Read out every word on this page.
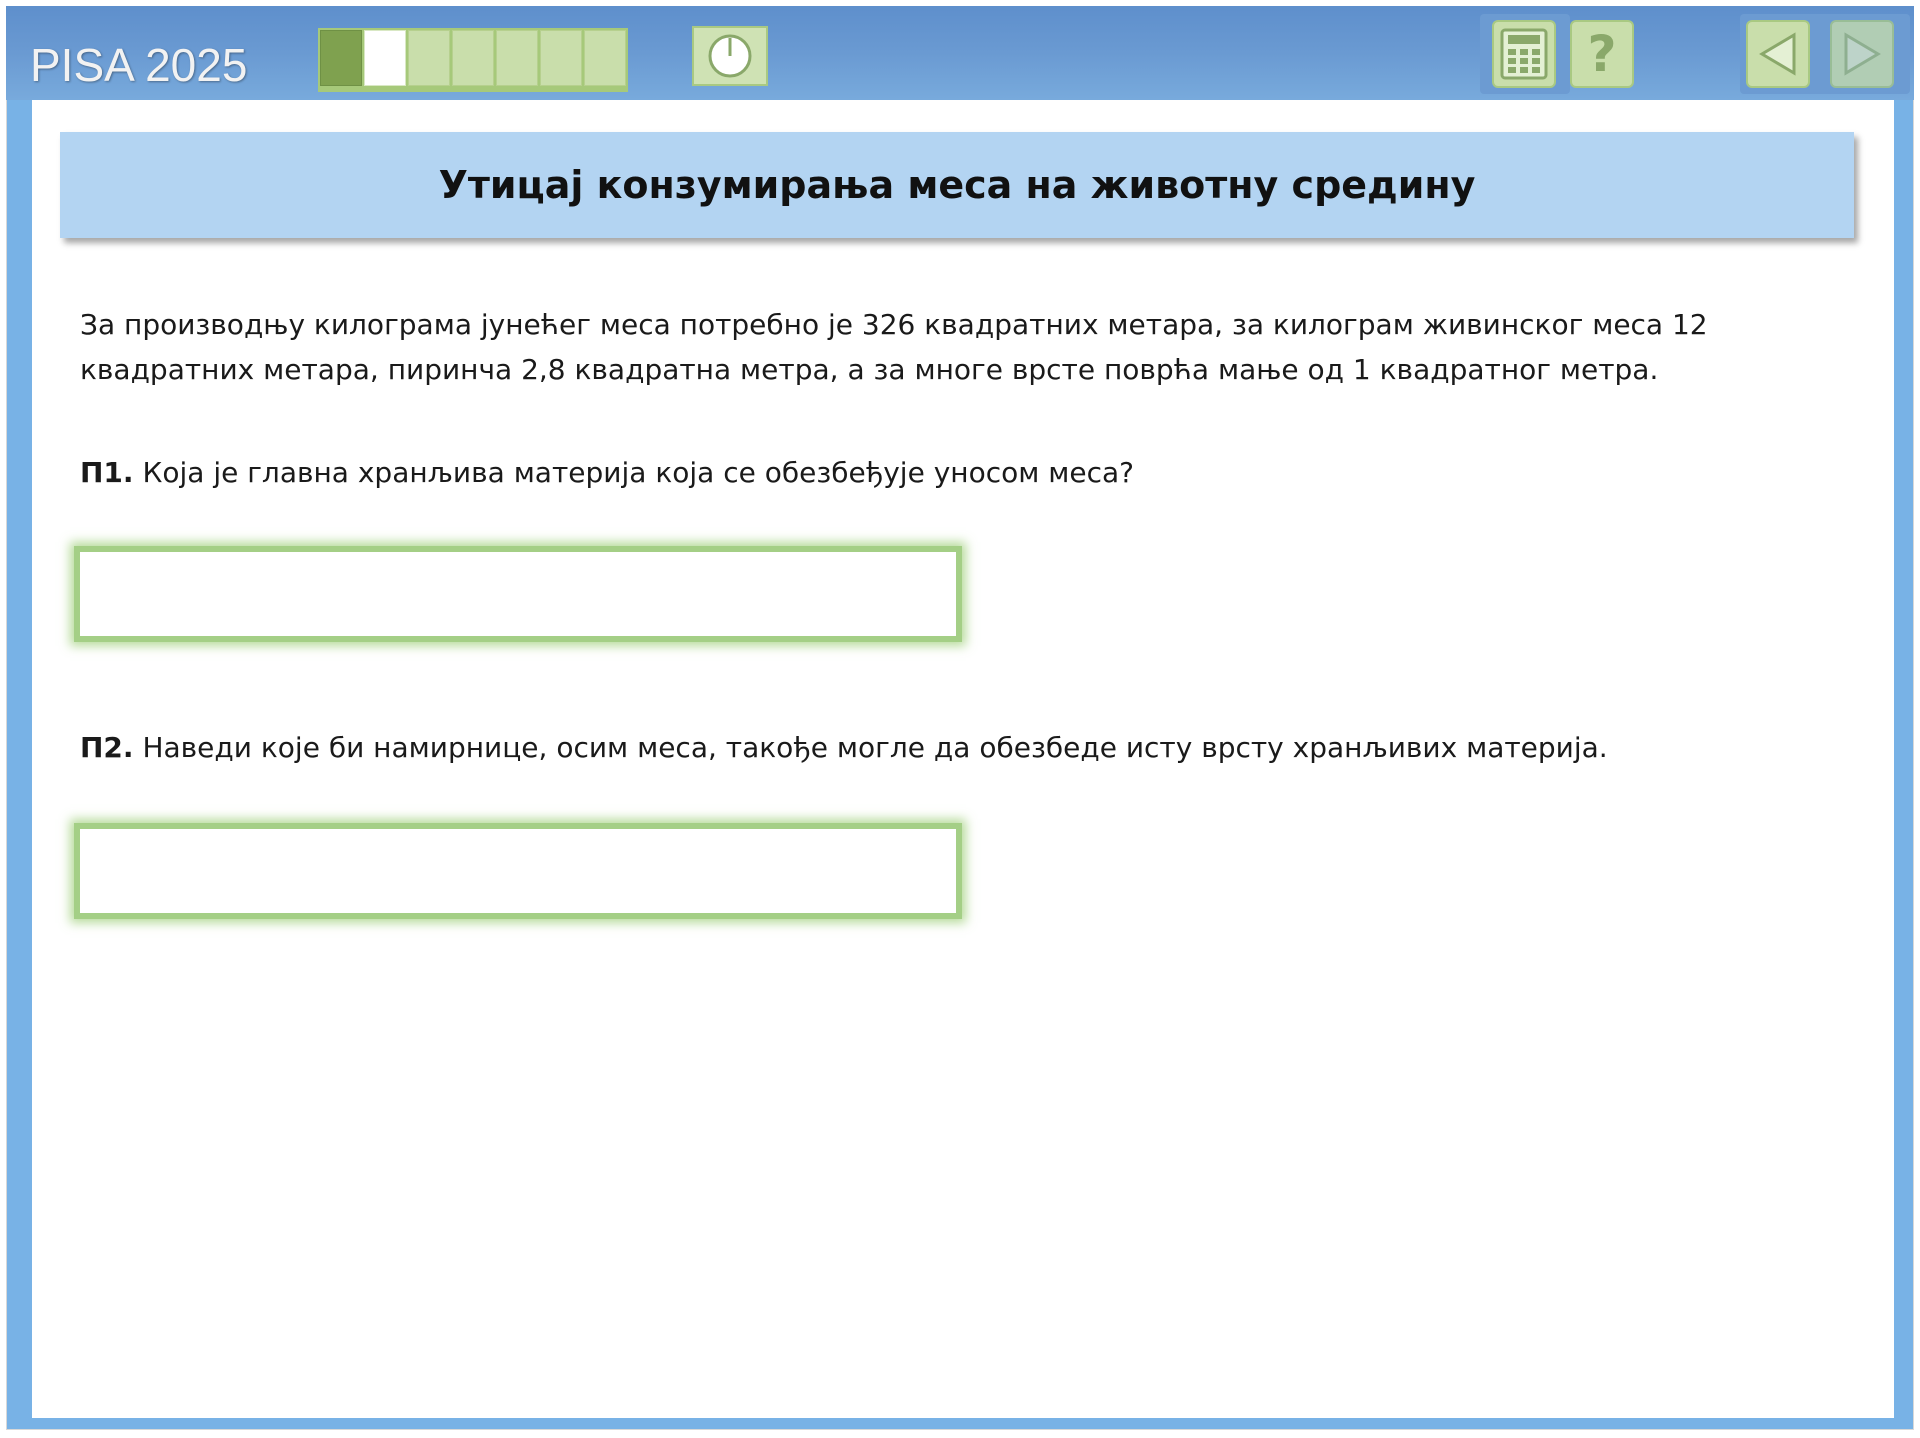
PISA 2025	?
Утицај конзумирања меса на животну средину
За производњу килограма јунећег меса потребно је 326 квадратних метара, за килограм живинског меса 12 квадратних метара, пиринча 2,8 квадратна метра, а за многе врсте поврћа мање од 1 квадратног метра.
П1. Која је главна хранљива материја која се обезбеђује уносом меса?
П2. Наведи које би намирнице, осим меса, такође могле да обезбеде исту врсту хранљивих материја.
